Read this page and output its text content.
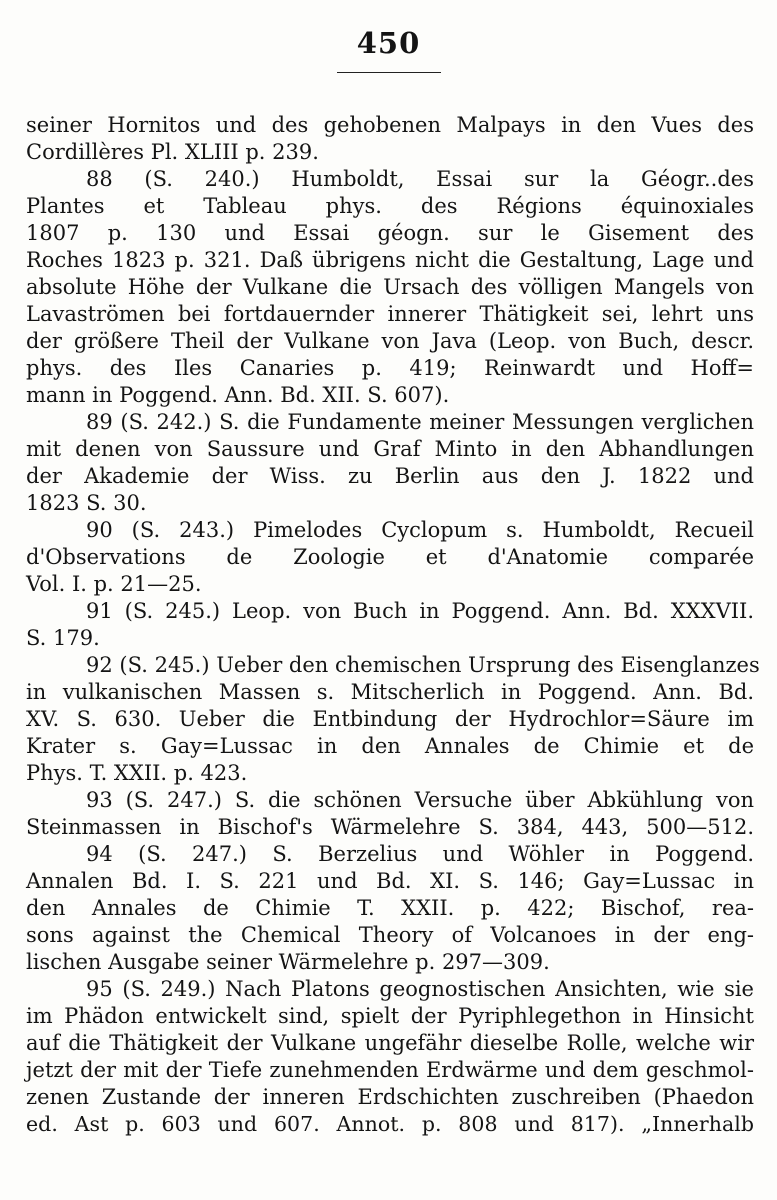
450
seiner Hornitos und des gehobenen Malpays in den Vues des
Cordillères Pl. XLIII p. 239.
88 (S. 240.) Humboldt, Essai sur la Géogr..des
Plantes et Tableau phys. des Régions équinoxiales
1807 p. 130 und Essai géogn. sur le Gisement des
Roches 1823 p. 321. Daß übrigens nicht die Gestaltung, Lage und
absolute Höhe der Vulkane die Ursach des völligen Mangels von
Lavaströmen bei fortdauernder innerer Thätigkeit sei, lehrt uns
der größere Theil der Vulkane von Java (Leop. von Buch, descr.
phys. des Iles Canaries p. 419; Reinwardt und Hoff=
mann in Poggend. Ann. Bd. XII. S. 607).
89 (S. 242.) S. die Fundamente meiner Messungen verglichen
mit denen von Saussure und Graf Minto in den Abhandlungen
der Akademie der Wiss. zu Berlin aus den J. 1822 und
1823 S. 30.
90 (S. 243.) Pimelodes Cyclopum s. Humboldt, Recueil
d'Observations de Zoologie et d'Anatomie comparée
Vol. I. p. 21—25.
91 (S. 245.) Leop. von Buch in Poggend. Ann. Bd. XXXVII.
S. 179.
92 (S. 245.) Ueber den chemischen Ursprung des Eisenglanzes
in vulkanischen Massen s. Mitscherlich in Poggend. Ann. Bd.
XV. S. 630. Ueber die Entbindung der Hydrochlor=Säure im
Krater s. Gay=Lussac in den Annales de Chimie et de
Phys. T. XXII. p. 423.
93 (S. 247.) S. die schönen Versuche über Abkühlung von
Steinmassen in Bischof's Wärmelehre S. 384, 443, 500—512.
94 (S. 247.) S. Berzelius und Wöhler in Poggend.
Annalen Bd. I. S. 221 und Bd. XI. S. 146; Gay=Lussac in
den Annales de Chimie T. XXII. p. 422; Bischof, rea-
sons against the Chemical Theory of Volcanoes in der eng-
lischen Ausgabe seiner Wärmelehre p. 297—309.
95 (S. 249.) Nach Platons geognostischen Ansichten, wie sie
im Phädon entwickelt sind, spielt der Pyriphlegethon in Hinsicht
auf die Thätigkeit der Vulkane ungefähr dieselbe Rolle, welche wir
jetzt der mit der Tiefe zunehmenden Erdwärme und dem geschmol-
zenen Zustande der inneren Erdschichten zuschreiben (Phaedon
ed. Ast p. 603 und 607. Annot. p. 808 und 817). „Innerhalb
